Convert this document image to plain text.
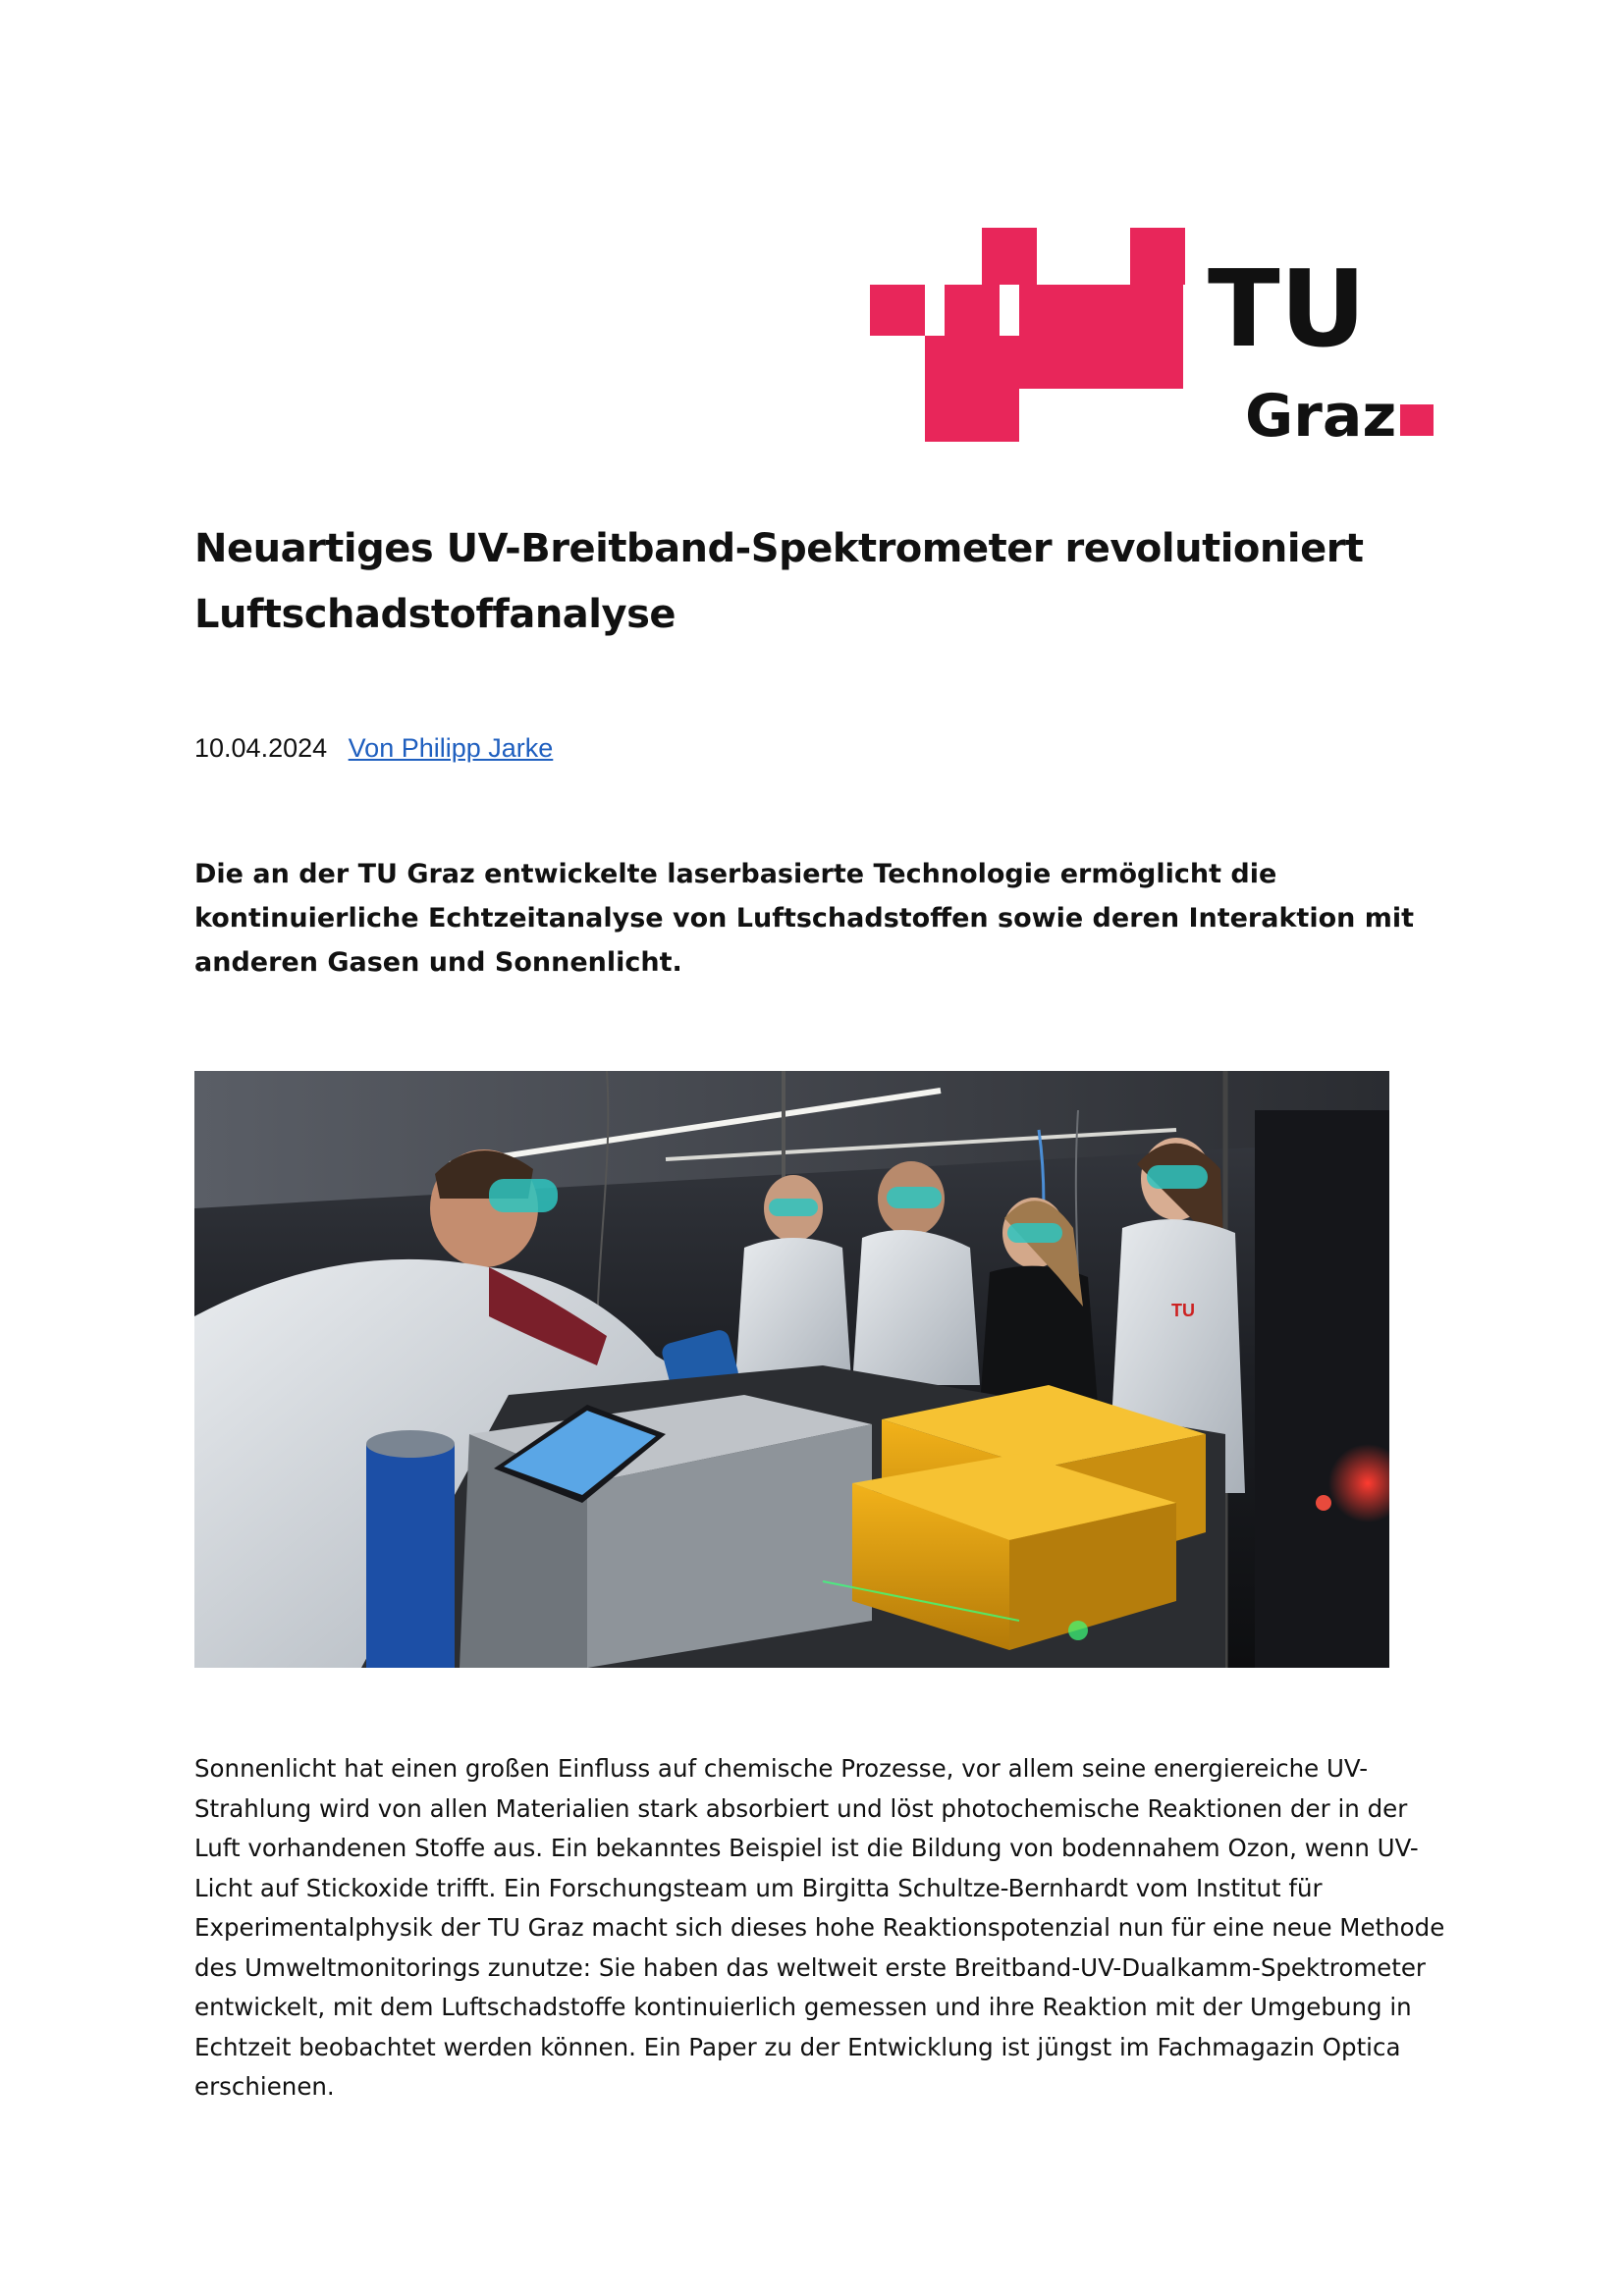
TU
Graz
Neuartiges UV-Breitband-Spektrometer revolutioniert Luftschadstoffanalyse
10.04.2024 Von Philipp Jarke

Die an der TU Graz entwickelte laserbasierte Technologie ermöglicht die kontinuierliche Echtzeitanalyse von Luftschadstoffen sowie deren Interaktion mit anderen Gasen und Sonnenlicht.

TU

Sonnenlicht hat einen großen Einfluss auf chemische Prozesse, vor allem seine energiereiche UV-Strahlung wird von allen Materialien stark absorbiert und löst photochemische Reaktionen der in der Luft vorhandenen Stoffe aus. Ein bekanntes Beispiel ist die Bildung von bodennahem Ozon, wenn UV-Licht auf Stickoxide trifft. Ein Forschungsteam um Birgitta Schultze-Bernhardt vom Institut für Experimentalphysik der TU Graz macht sich dieses hohe Reaktionspotenzial nun für eine neue Methode des Umweltmonitorings zunutze: Sie haben das weltweit erste Breitband-UV-Dualkamm-Spektrometer entwickelt, mit dem Luftschadstoffe kontinuierlich gemessen und ihre Reaktion mit der Umgebung in Echtzeit beobachtet werden können. Ein Paper zu der Entwicklung ist jüngst im Fachmagazin Optica erschienen.
